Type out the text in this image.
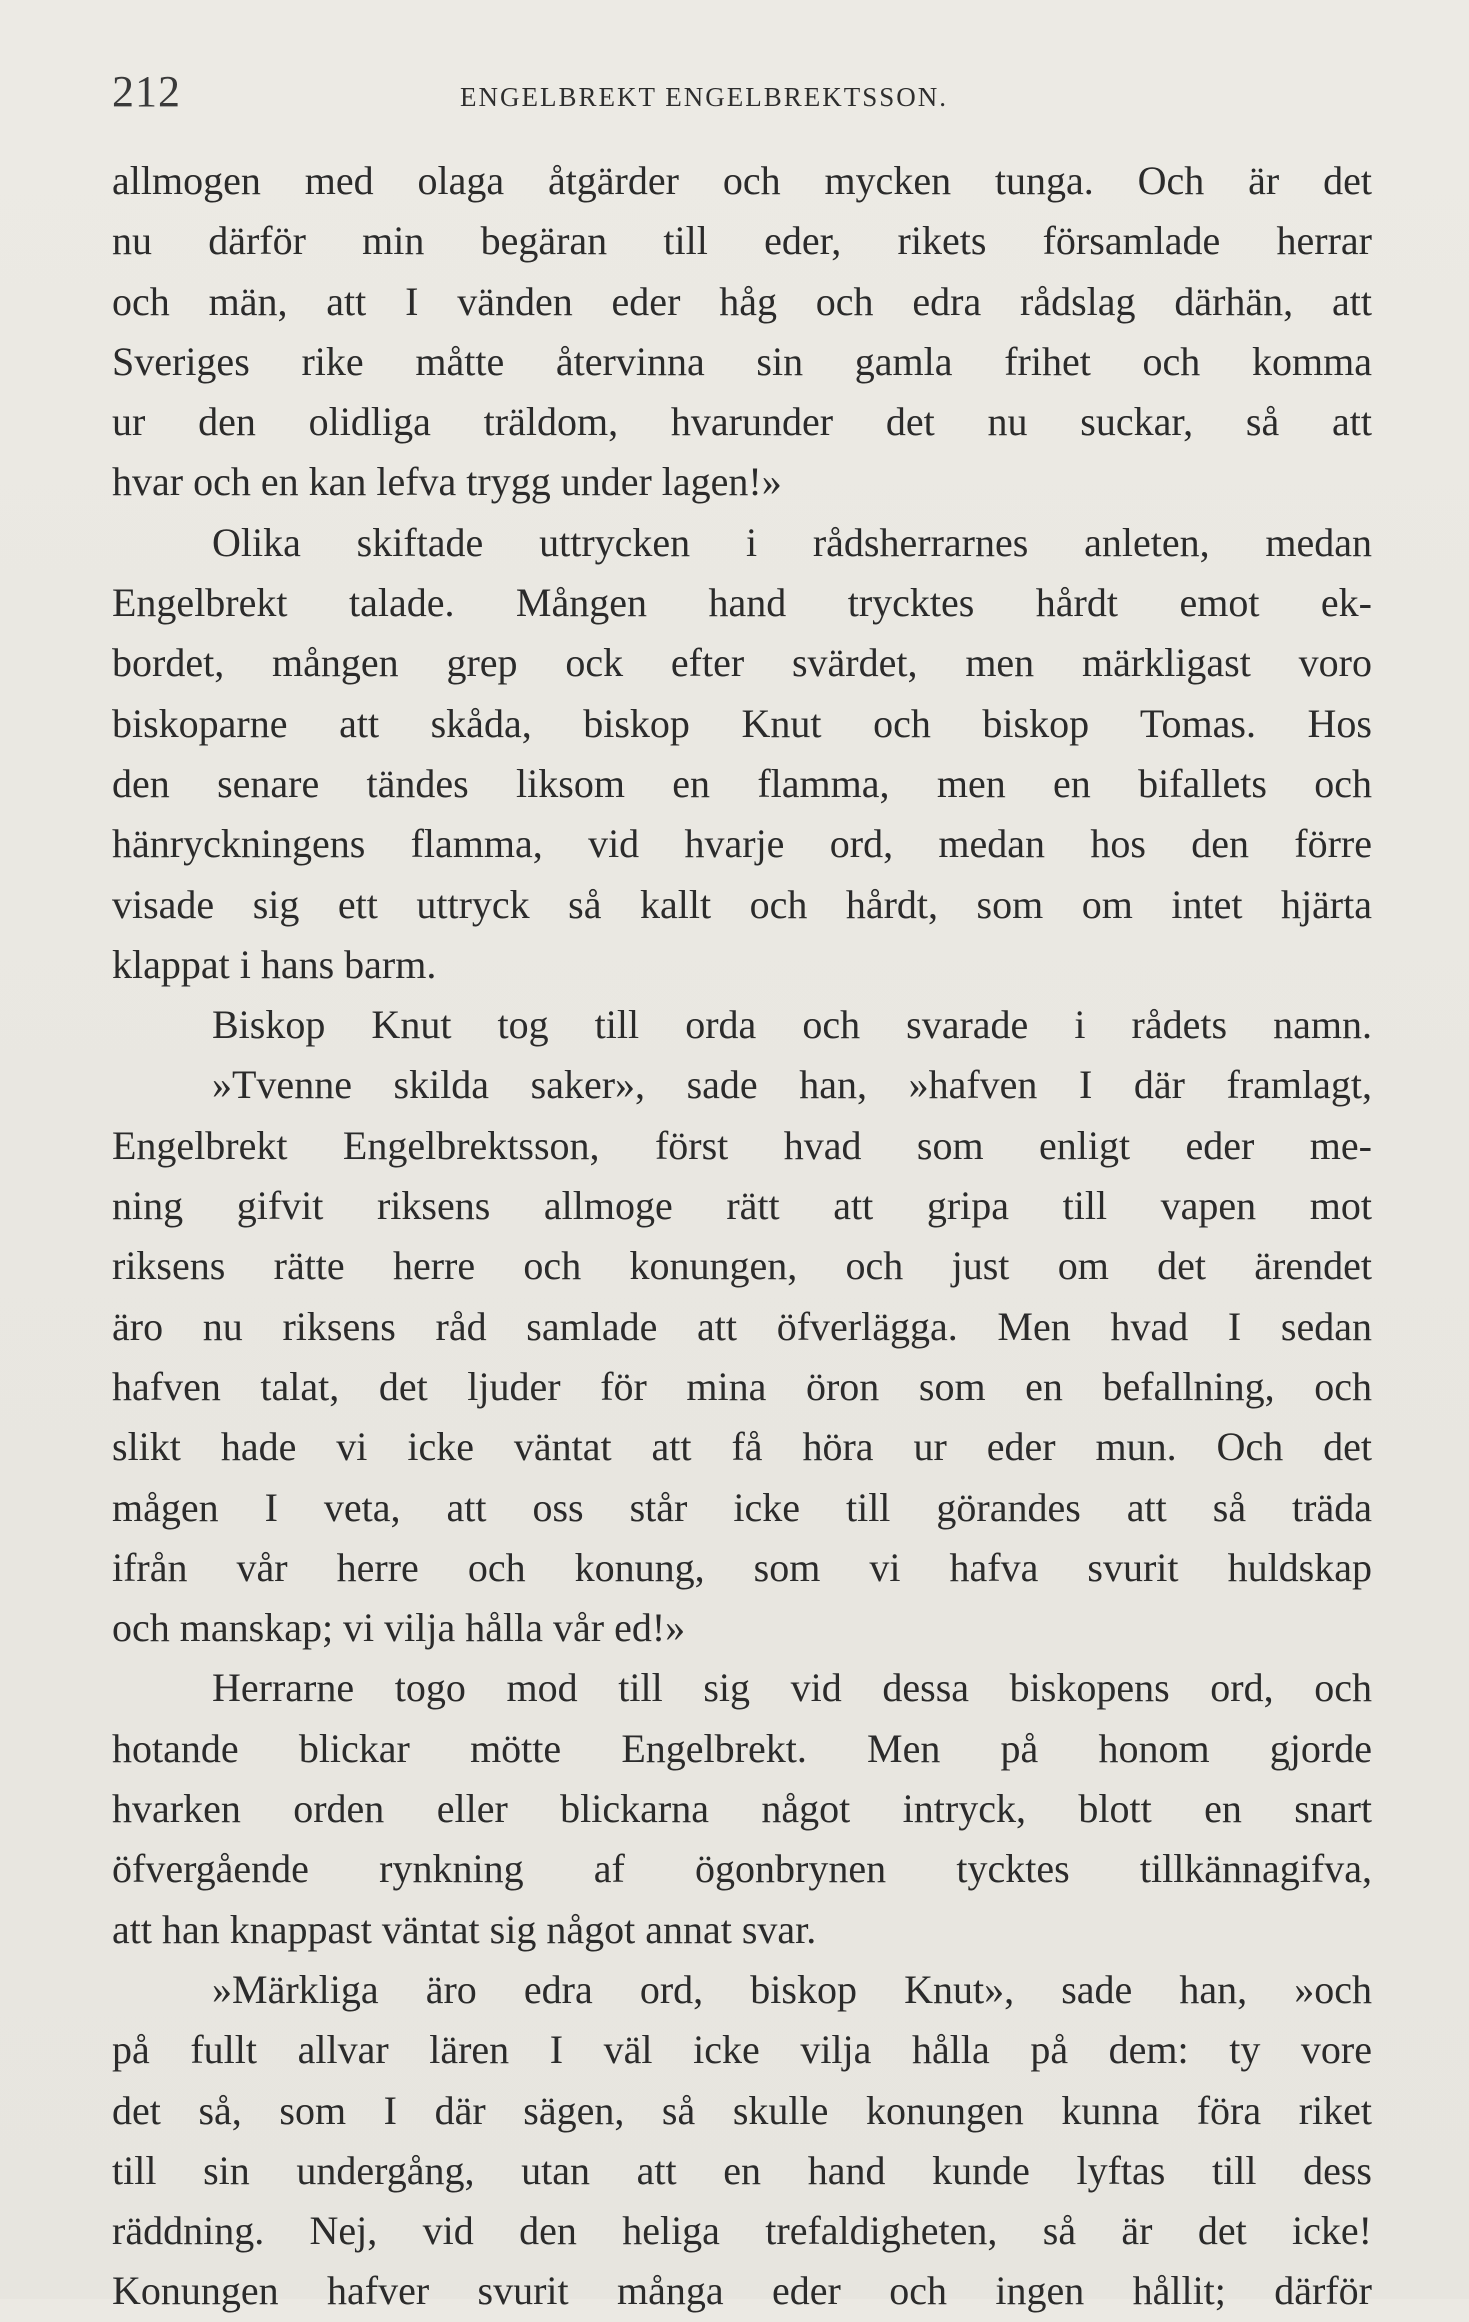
212	ENGELBREKT ENGELBREKTSSON.
allmogen med olaga åtgärder och mycken tunga. Och är det
nu därför min begäran till eder, rikets församlade herrar
och män, att I vänden eder håg och edra rådslag därhän, att
Sveriges rike måtte återvinna sin gamla frihet och komma
ur den olidliga träldom, hvarunder det nu suckar, så att
hvar och en kan lefva trygg under lagen!»
Olika skiftade uttrycken i rådsherrarnes anleten, medan
Engelbrekt talade. Mången hand trycktes hårdt emot ek-
bordet, mången grep ock efter svärdet, men märkligast voro
biskoparne att skåda, biskop Knut och biskop Tomas. Hos
den senare tändes liksom en flamma, men en bifallets och
hänryckningens flamma, vid hvarje ord, medan hos den förre
visade sig ett uttryck så kallt och hårdt, som om intet hjärta
klappat i hans barm.
Biskop Knut tog till orda och svarade i rådets namn.
»Tvenne skilda saker», sade han, »hafven I där framlagt,
Engelbrekt Engelbrektsson, först hvad som enligt eder me-
ning gifvit riksens allmoge rätt att gripa till vapen mot
riksens rätte herre och konungen, och just om det ärendet
äro nu riksens råd samlade att öfverlägga. Men hvad I sedan
hafven talat, det ljuder för mina öron som en befallning, och
slikt hade vi icke väntat att få höra ur eder mun. Och det
mågen I veta, att oss står icke till görandes att så träda
ifrån vår herre och konung, som vi hafva svurit huldskap
och manskap; vi vilja hålla vår ed!»
Herrarne togo mod till sig vid dessa biskopens ord, och
hotande blickar mötte Engelbrekt. Men på honom gjorde
hvarken orden eller blickarna något intryck, blott en snart
öfvergående rynkning af ögonbrynen tycktes tillkännagifva,
att han knappast väntat sig något annat svar.
»Märkliga äro edra ord, biskop Knut», sade han, »och
på fullt allvar lären I väl icke vilja hålla på dem: ty vore
det så, som I där sägen, så skulle konungen kunna föra riket
till sin undergång, utan att en hand kunde lyftas till dess
räddning. Nej, vid den heliga trefaldigheten, så är det icke!
Konungen hafver svurit många eder och ingen hållit; därför
